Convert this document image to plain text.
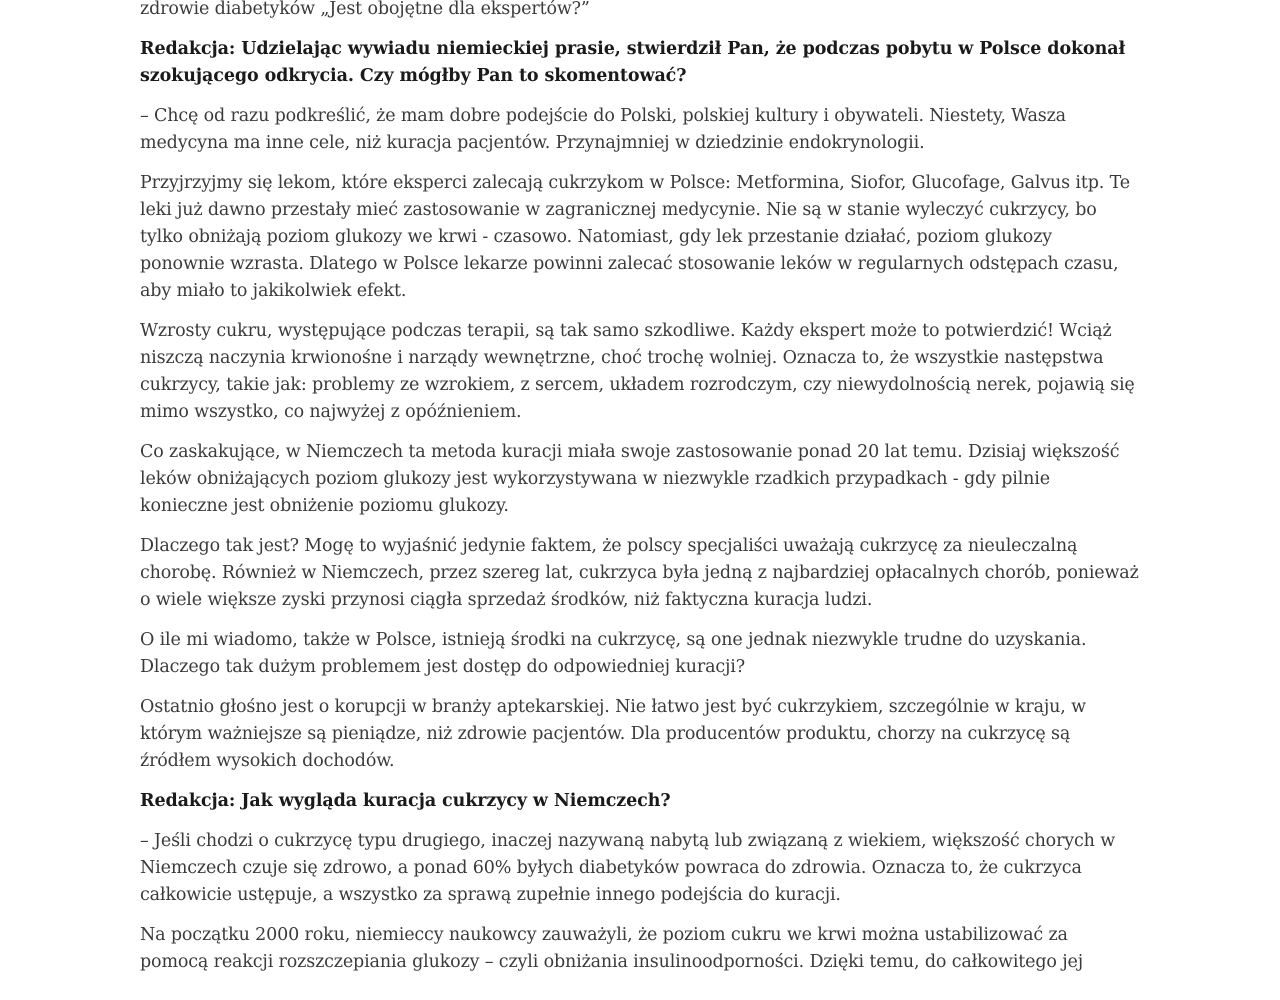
zdrowie diabetyków „Jest obojętne dla ekspertów?”

Redakcja: Udzielając wywiadu niemieckiej prasie, stwierdził Pan, że podczas pobytu w Polsce dokonał szokującego odkrycia. Czy mógłby Pan to skomentować?

– Chcę od razu podkreślić, że mam dobre podejście do Polski, polskiej kultury i obywateli. Niestety, Wasza medycyna ma inne cele, niż kuracja pacjentów. Przynajmniej w dziedzinie endokrynologii.

Przyjrzyjmy się lekom, które eksperci zalecają cukrzykom w Polsce: Metformina, Siofor, Glucofage, Galvus itp. Te leki już dawno przestały mieć zastosowanie w zagranicznej medycynie. Nie są w stanie wyleczyć cukrzycy, bo tylko obniżają poziom glukozy we krwi - czasowo. Natomiast, gdy lek przestanie działać, poziom glukozy ponownie wzrasta. Dlatego w Polsce lekarze powinni zalecać stosowanie leków w regularnych odstępach czasu, aby miało to jakikolwiek efekt.

Wzrosty cukru, występujące podczas terapii, są tak samo szkodliwe. Każdy ekspert może to potwierdzić! Wciąż niszczą naczynia krwionośne i narządy wewnętrzne, choć trochę wolniej. Oznacza to, że wszystkie następstwa cukrzycy, takie jak: problemy ze wzrokiem, z sercem, układem rozrodczym, czy niewydolnością nerek, pojawią się mimo wszystko, co najwyżej z opóźnieniem.

Co zaskakujące, w Niemczech ta metoda kuracji miała swoje zastosowanie ponad 20 lat temu. Dzisiaj większość leków obniżających poziom glukozy jest wykorzystywana w niezwykle rzadkich przypadkach - gdy pilnie konieczne jest obniżenie poziomu glukozy.

Dlaczego tak jest? Mogę to wyjaśnić jedynie faktem, że polscy specjaliści uważają cukrzycę za nieuleczalną chorobę. Również w Niemczech, przez szereg lat, cukrzyca była jedną z najbardziej opłacalnych chorób, ponieważ o wiele większe zyski przynosi ciągła sprzedaż środków, niż faktyczna kuracja ludzi.

O ile mi wiadomo, także w Polsce, istnieją środki na cukrzycę, są one jednak niezwykle trudne do uzyskania. Dlaczego tak dużym problemem jest dostęp do odpowiedniej kuracji?

Ostatnio głośno jest o korupcji w branży aptekarskiej. Nie łatwo jest być cukrzykiem, szczególnie w kraju, w którym ważniejsze są pieniądze, niż zdrowie pacjentów. Dla producentów produktu, chorzy na cukrzycę są źródłem wysokich dochodów.

Redakcja: Jak wygląda kuracja cukrzycy w Niemczech?

– Jeśli chodzi o cukrzycę typu drugiego, inaczej nazywaną nabytą lub związaną z wiekiem, większość chorych w Niemczech czuje się zdrowo, a ponad 60% byłych diabetyków powraca do zdrowia. Oznacza to, że cukrzyca całkowicie ustępuje, a wszystko za sprawą zupełnie innego podejścia do kuracji.

Na początku 2000 roku, niemieccy naukowcy zauważyli, że poziom cukru we krwi można ustabilizować za pomocą reakcji rozszczepiania glukozy – czyli obniżania insulinoodporności. Dzięki temu, do całkowitego jej
